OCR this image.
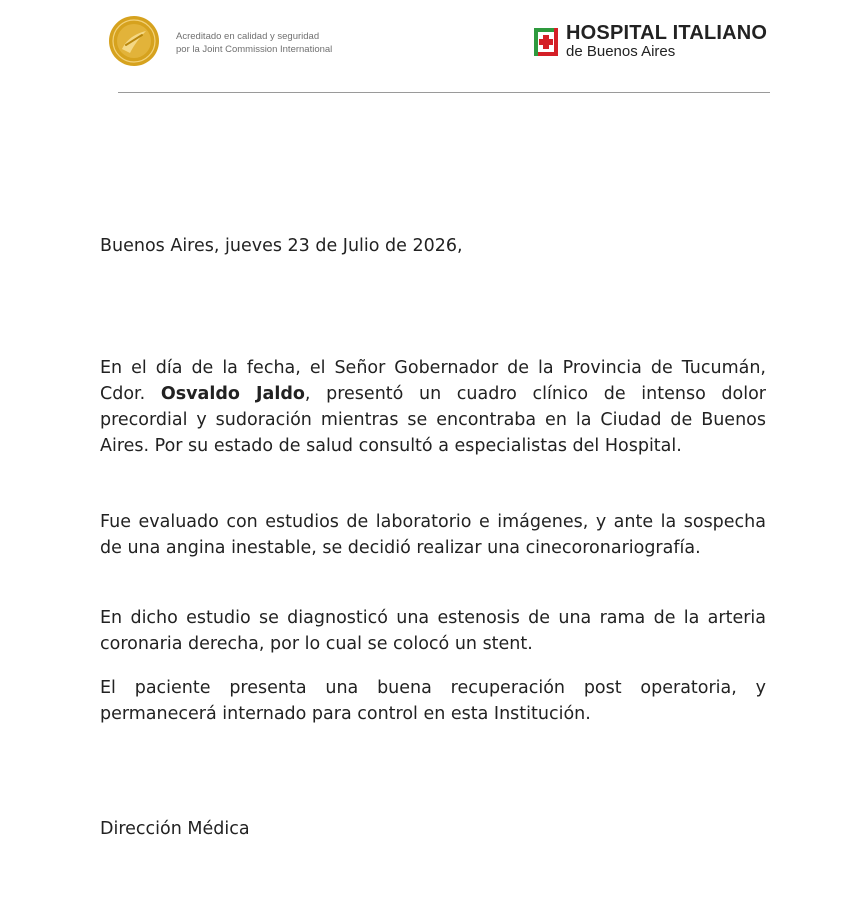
Acreditado en calidad y seguridad
por la Joint Commission International
HOSPITAL ITALIANO
de Buenos Aires
Buenos Aires, jueves 23 de Julio de 2026,
En el día de la fecha, el Señor Gobernador de la Provincia de Tucumán, Cdor. Osvaldo Jaldo, presentó un cuadro clínico de intenso dolor precordial y sudoración mientras se encontraba en la Ciudad de Buenos Aires. Por su estado de salud consultó a especialistas del Hospital.
Fue evaluado con estudios de laboratorio e imágenes, y ante la sospecha de una angina inestable, se decidió realizar una cinecoronariografía.
En dicho estudio se diagnosticó una estenosis de una rama de la arteria coronaria derecha, por lo cual se colocó un stent.
El paciente presenta una buena recuperación post operatoria, y permanecerá internado para control en esta Institución.
Dirección Médica
